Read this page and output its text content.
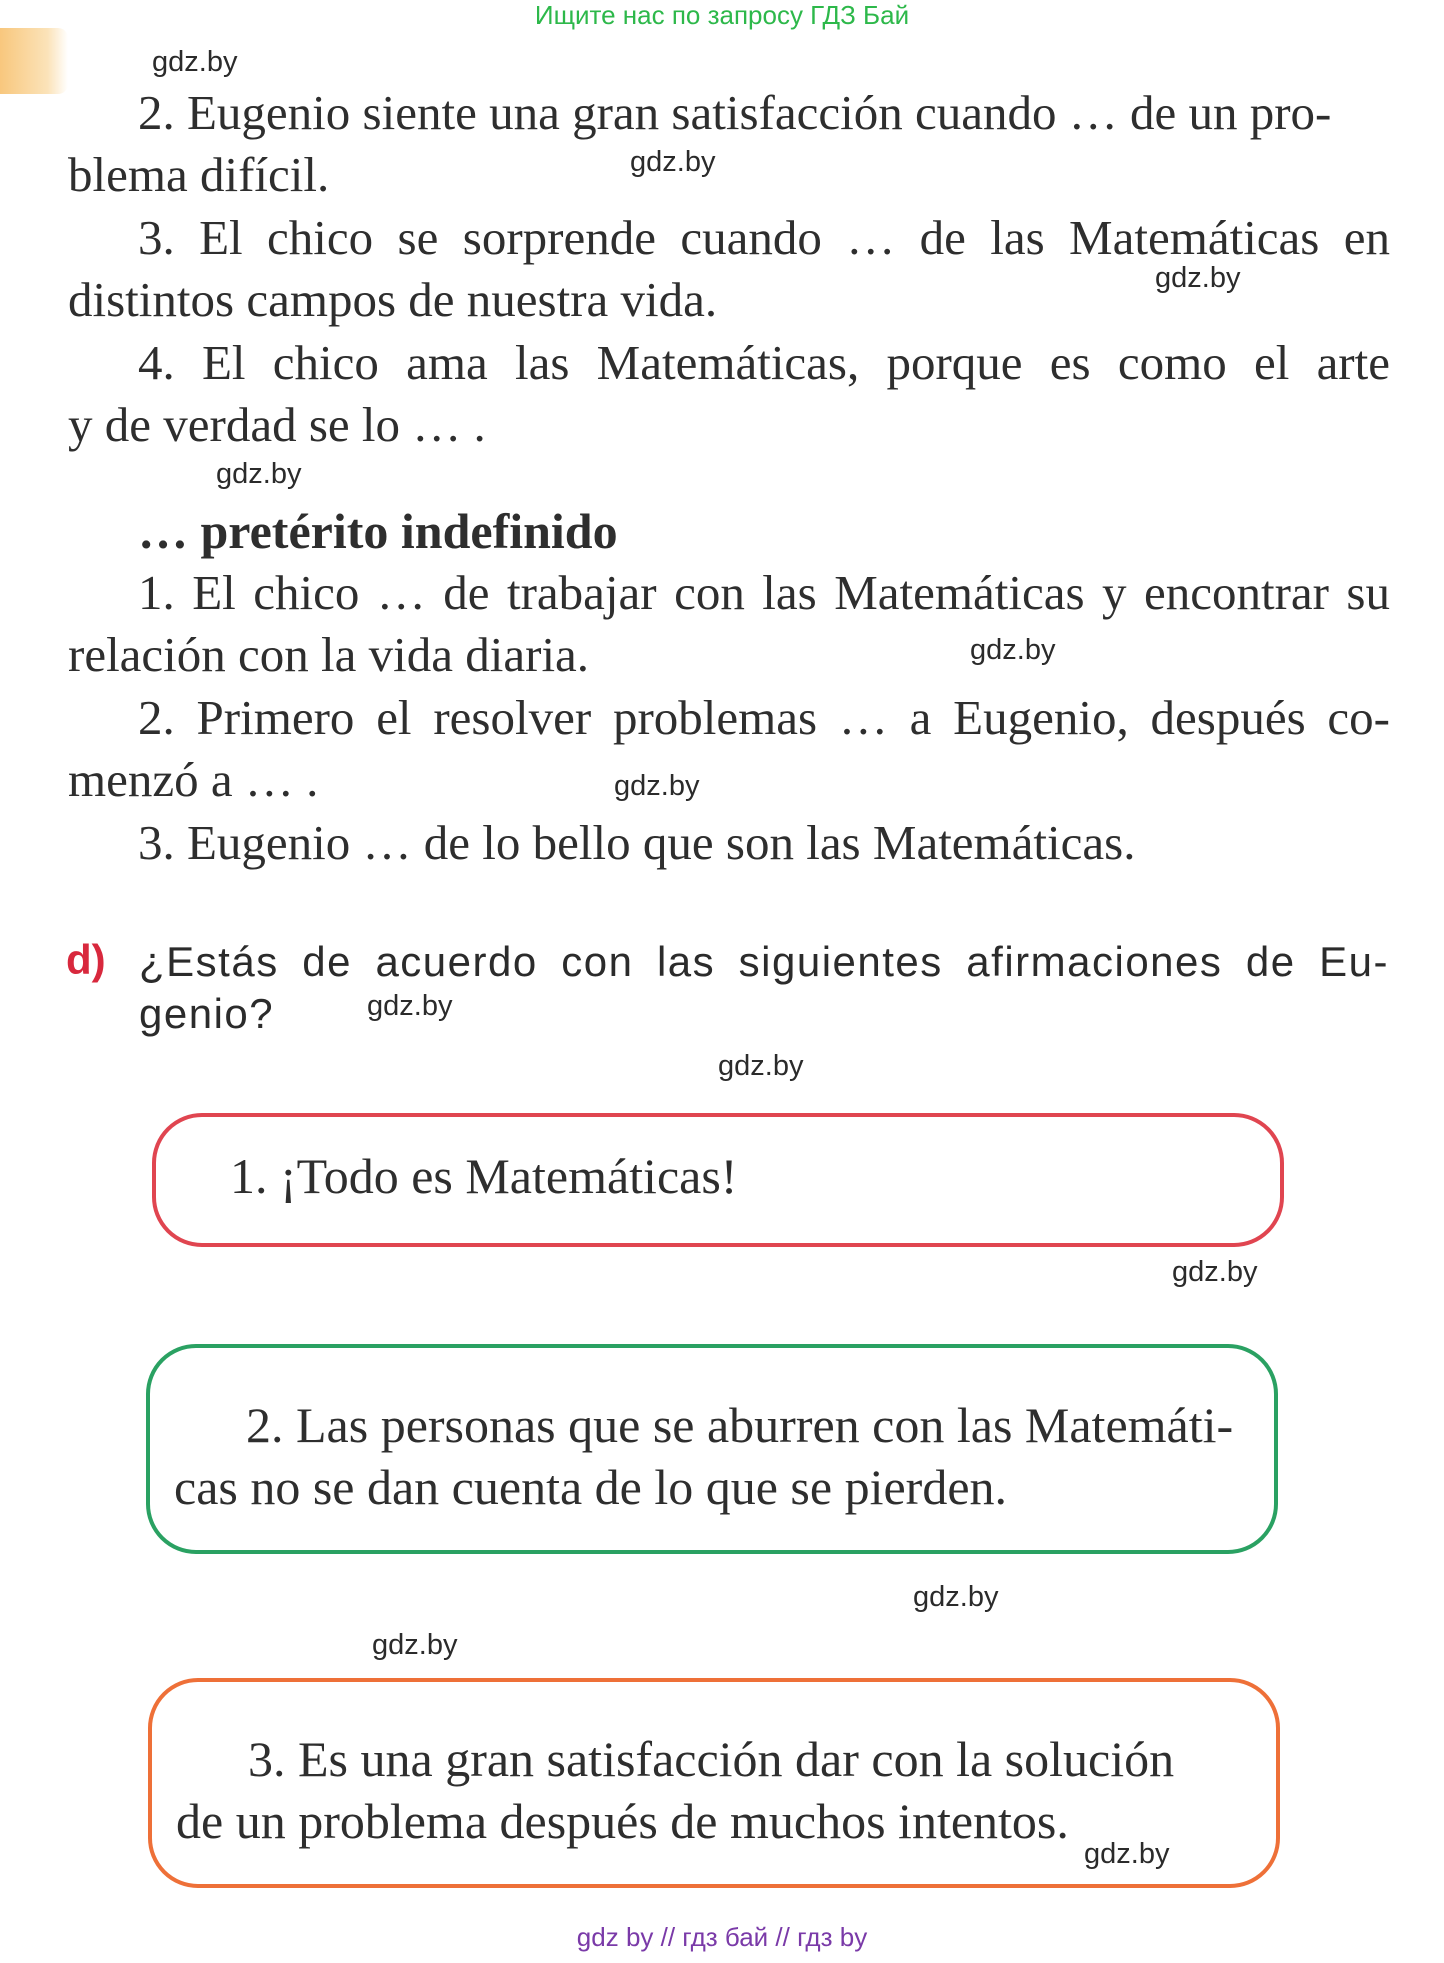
Ищите нас по запросу ГДЗ Бай
gdz.by
gdz.by
gdz.by
gdz.by
gdz.by
gdz.by
gdz.by
gdz.by
gdz.by
gdz.by
gdz.by
gdz.by
2. Eugenio siente una gran satisfacción cuando … de un pro-
blema difícil.
3. El chico se sorprende cuando … de las Matemáticas en
distintos campos de nuestra vida.
4. El chico ama las Matemáticas, porque es como el arte
y de verdad se lo … .
… pretérito indefinido
1. El chico … de trabajar con las Matemáticas y encontrar su
relación con la vida diaria.
2. Primero el resolver problemas … a Eugenio, después co-
menzó a … .
3. Eugenio … de lo bello que son las Matemáticas.
d) ¿Estás de acuerdo con las siguientes afirmaciones de Eu-
genio?
1. ¡Todo es Matemáticas!
2. Las personas que se aburren con las Matemáti-
cas no se dan cuenta de lo que se pierden.
3. Es una gran satisfacción dar con la solución
de un problema después de muchos intentos.
gdz by // гдз бай // гдз by
